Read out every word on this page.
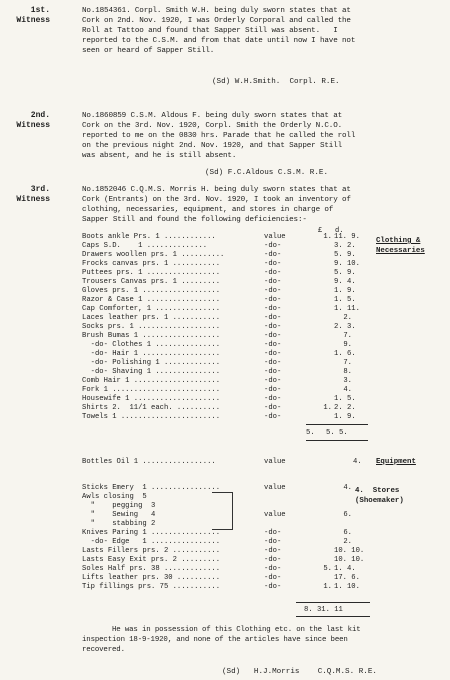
1st.
Witness
No.1854361. Corpl. Smith W.H. being duly sworn states that at
Cork on 2nd. Nov. 1920, I was Orderly Corporal and called the
Roll at Tattoo and found that Sapper Still was absent.   I
reported to the C.S.M. and from that date until now I have not
seen or heard of Sapper Still.
(Sd) W.H.Smith.  Corpl. R.E.
2nd.
Witness
No.1860859 C.S.M. Aldous F. being duly sworn states that at
Cork on the 3rd. Nov. 1920, Corpl. Smith the Orderly N.C.O.
reported to me on the 0830 hrs. Parade that he called the roll
on the previous night 2nd. Nov. 1920, and that Sapper Still
was absent, and he is still absent.
(Sd) F.C.Aldous C.S.M. R.E.
3rd.
Witness
No.1852046 C.Q.M.S. Morris H. being duly sworn states that at
Cork (Entrants) on the 3rd. Nov. 1920, I took an inventory of
clothing, necessaries, equipment, and stores in charge of
Sapper Still and found the following deficiencies:-
£ d.
Boots ankle Prs. 1 ............	value	1. 11. 9.
Caps S.D.    1 ..............	-do-	3. 2.
Drawers woollen prs. 1 ..........	-do-	5. 9.
Frocks canvas prs. 1 ...........	-do-	9. 10.
Puttees prs. 1 .................	-do-	5. 9.
Trousers Canvas prs. 1 .........	-do-	9. 4.
Gloves prs. 1 ..................	-do-	1. 9.
Razor & Case 1 .................	-do-	1. 5.
Cap Comforter, 1 ...............	-do-	1. 11.
Laces leather prs. 1 ...........	-do-	2.
Socks prs. 1 ...................	-do-	2. 3.
Brush Bumas 1 ..................	-do-	7.
-do- Clothes 1 ...............	-do-	9.
-do- Hair 1 ..................	-do-	1. 6.
-do- Polishing 1 .............	-do-	7.
-do- Shaving 1 ...............	-do-	8.
Comb Hair 1 ....................	-do-	3.
Fork 1 .........................	-do-	4.
Housewife 1 ....................	-do-	1. 5.
Shirts 2.  11/1 each. ..........	-do-	1. 2. 2.
Towels 1 .......................	-do-	1. 9.
Clothing &
Necessaries
5. 5. 5.
Bottles Oil 1 .................	value	4. Equipment
Sticks Emery  1 ................	value	4.
Awls closing  5
"    pegging  3
"    Sewing   4	value	6.
"    stabbing 2
Knives Paring 1 ................	-do-	6.
-do- Edge   1 ................	-do-	2.
Lasts Fillers prs. 2 ...........	-do-	10. 10.
Lasts Easy Exit prs. 2 .........	-do-	10. 10.
Soles Half prs. 38 .............	-do-	5. 1. 4.
Lifts leather prs. 30 ..........	-do-	17. 6.
Tip fillings prs. 75 ...........	-do-	1. 1. 10.
4.  Stores
(Shoemaker)
8. 31. 11
He was in possession of this Clothing etc. on the last kit
inspection 18-9-1920, and none of the articles have since been
recovered.
(Sd)   H.J.Morris    C.Q.M.S. R.E.
